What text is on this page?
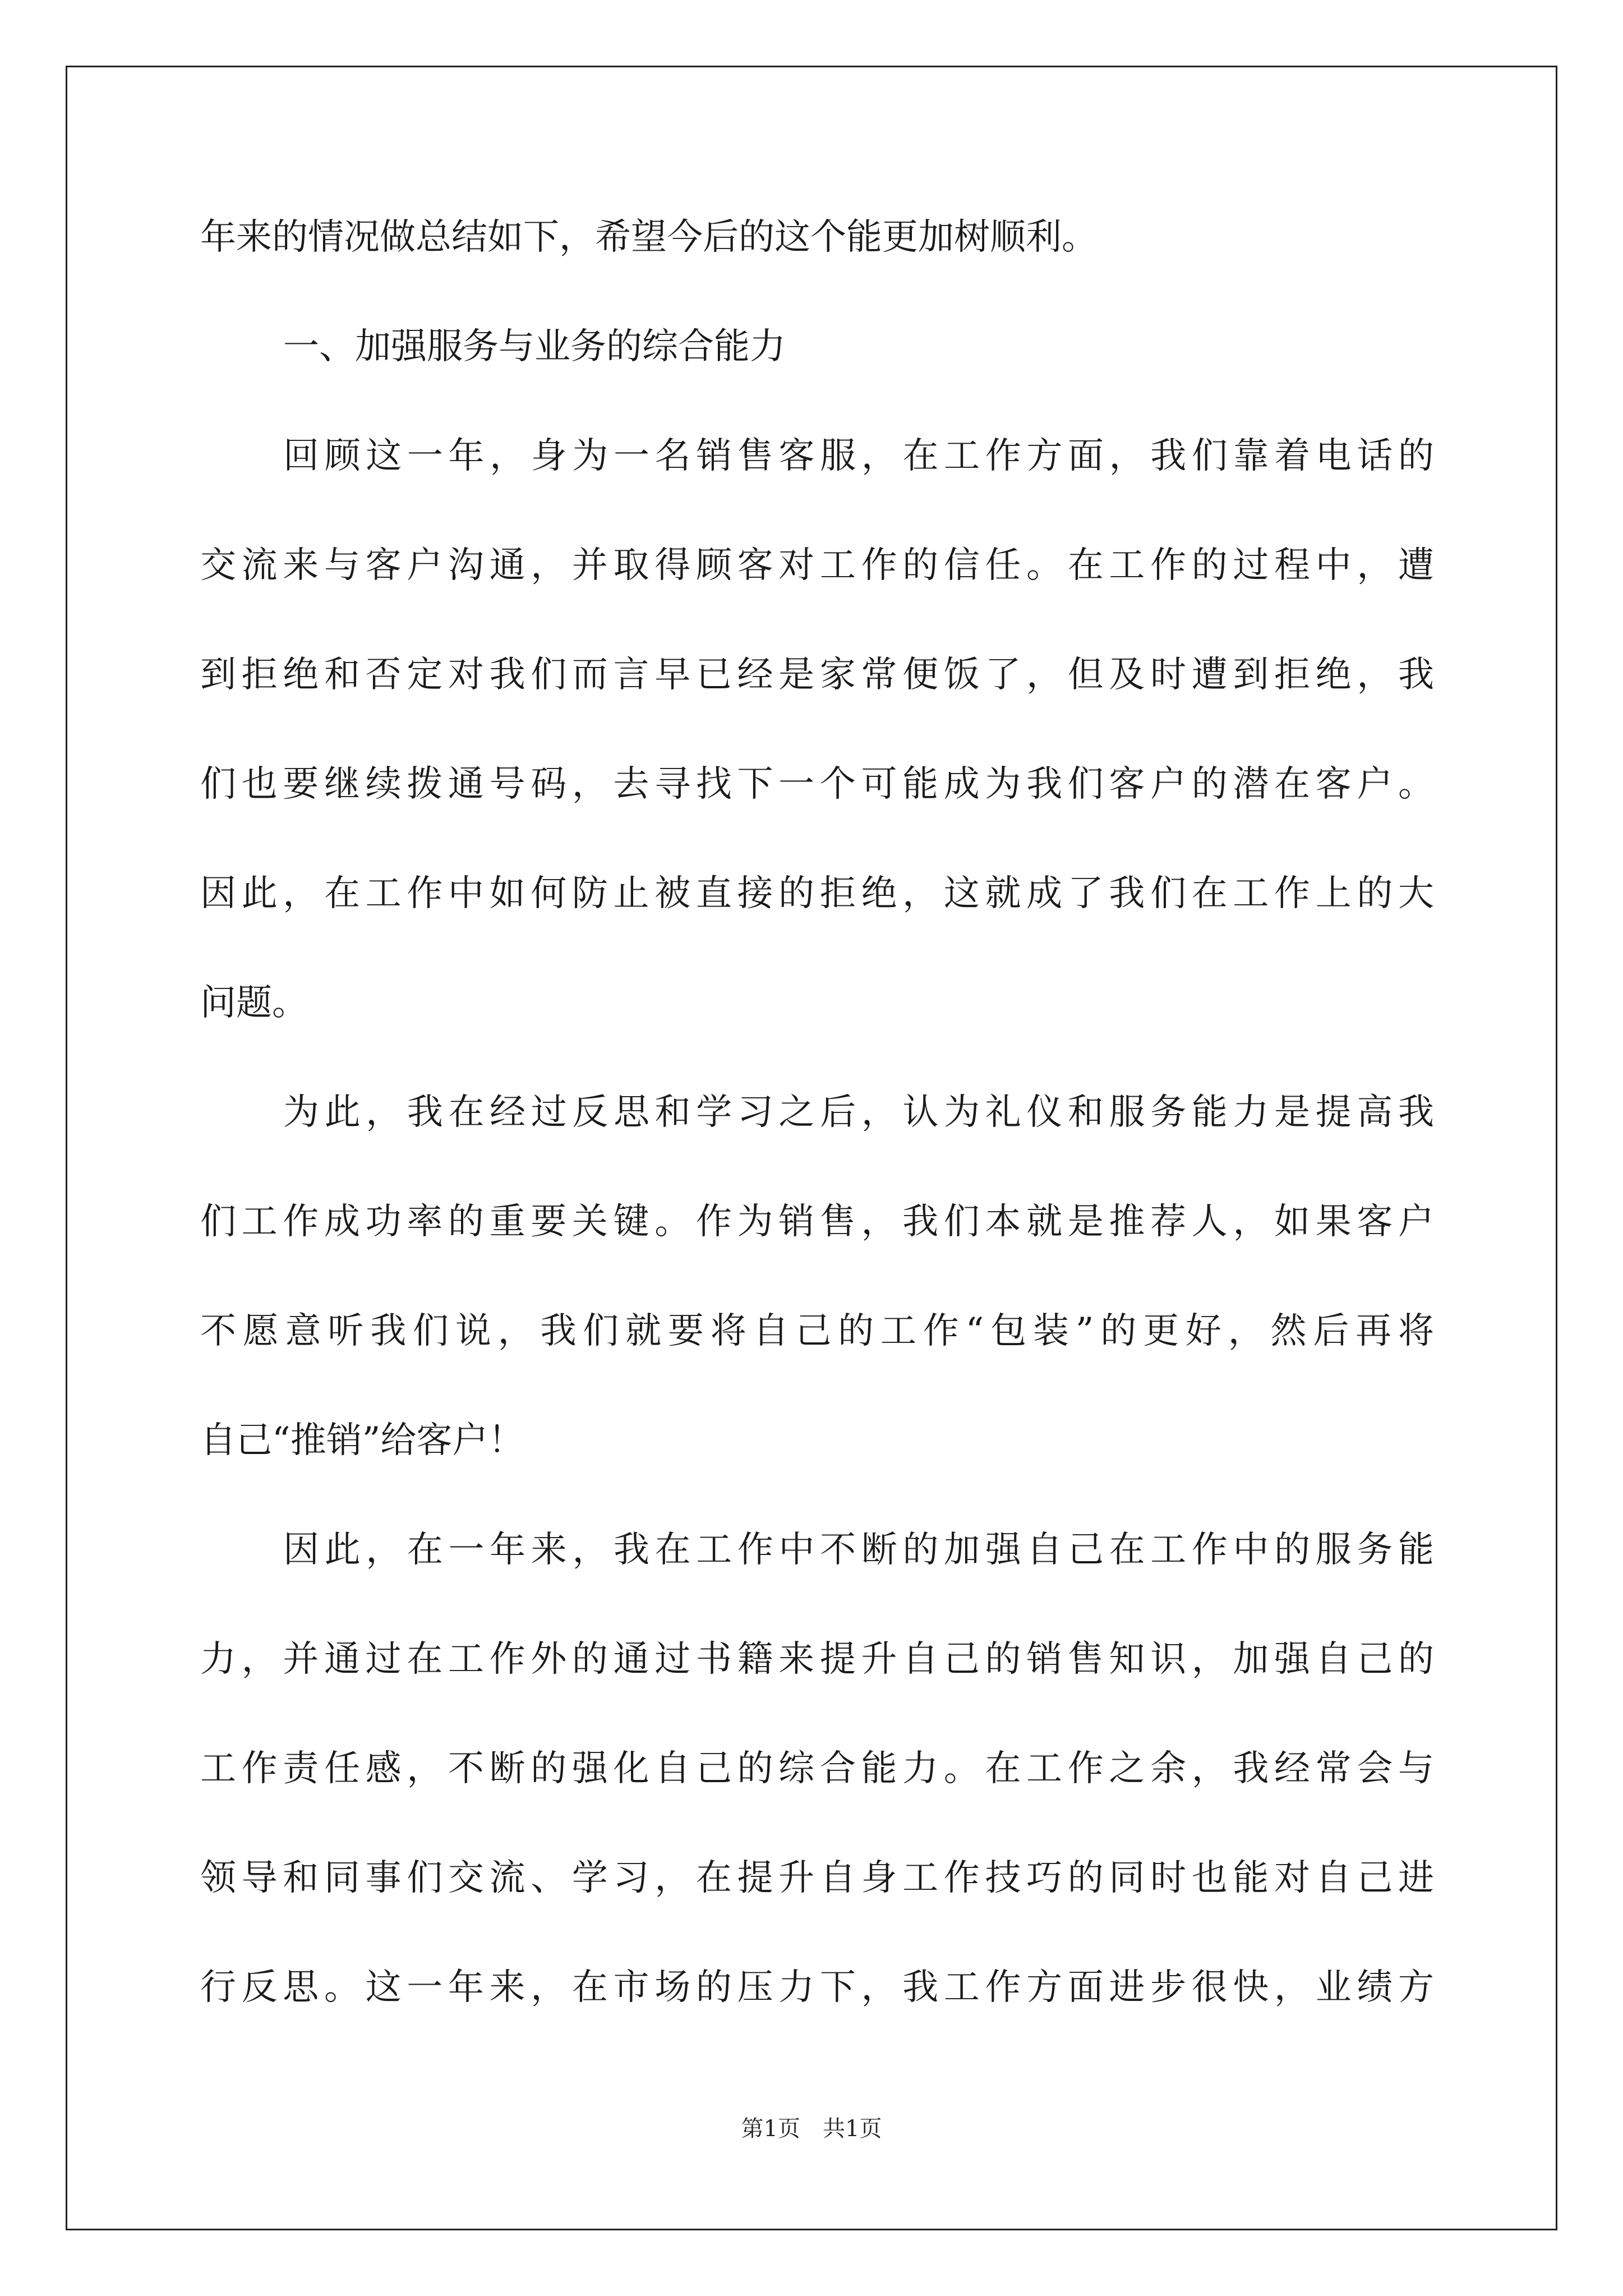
年来的情况做总结如下，希望今后的这个能更加树顺利。
一、加强服务与业务的综合能力
回顾这一年，身为一名销售客服，在工作方面，我们靠着电话的
交流来与客户沟通，并取得顾客对工作的信任。在工作的过程中，遭
到拒绝和否定对我们而言早已经是家常便饭了，但及时遭到拒绝，我
们也要继续拨通号码，去寻找下一个可能成为我们客户的潜在客户。
因此，在工作中如何防止被直接的拒绝，这就成了我们在工作上的大
问题。
为此，我在经过反思和学习之后，认为礼仪和服务能力是提高我
们工作成功率的重要关键。作为销售，我们本就是推荐人，如果客户
不愿意听我们说，我们就要将自己的工作“包装”的更好，然后再将
自己“推销”给客户！
因此，在一年来，我在工作中不断的加强自己在工作中的服务能
力，并通过在工作外的通过书籍来提升自己的销售知识，加强自己的
工作责任感，不断的强化自己的综合能力。在工作之余，我经常会与
领导和同事们交流、学习，在提升自身工作技巧的同时也能对自己进
行反思。这一年来，在市场的压力下，我工作方面进步很快，业绩方
第1页　共1页
